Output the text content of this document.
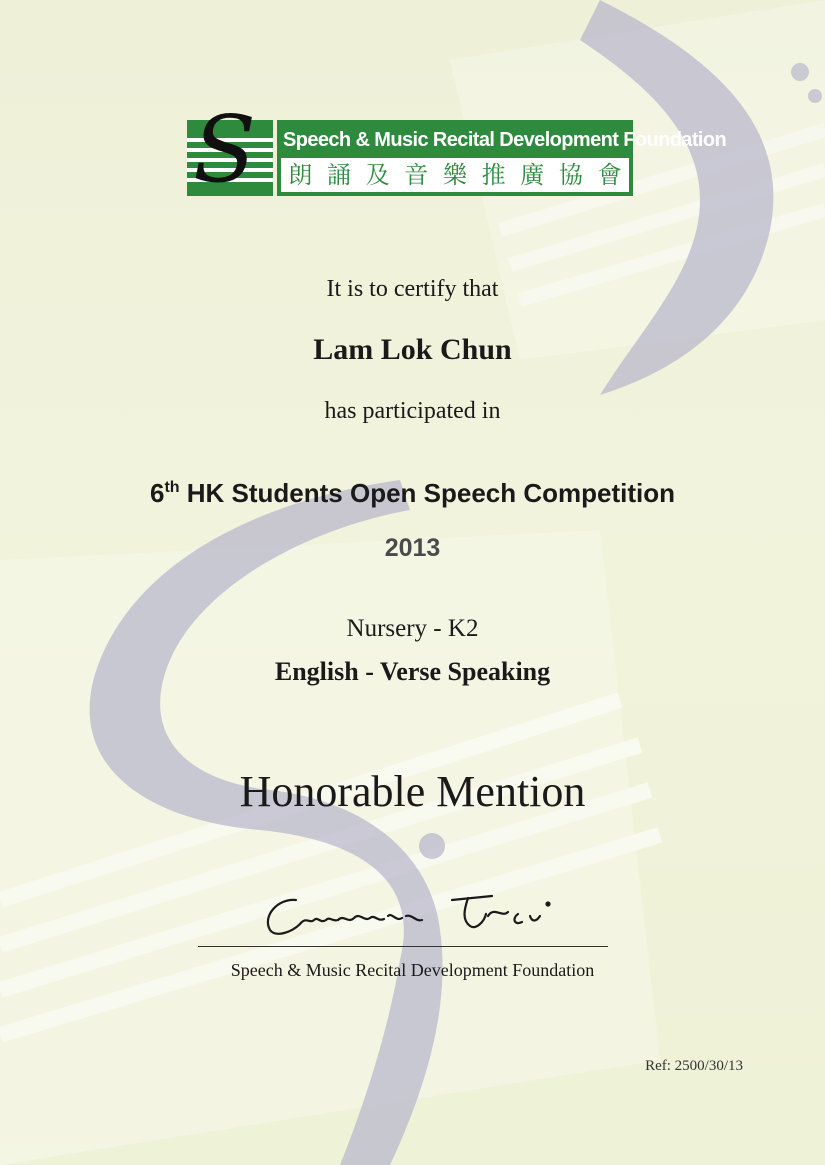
S Speech & Music Recital Development Foundation
朗 誦 及 音 樂 推 廣 協 會
It is to certify that
Lam Lok Chun
has participated in
6th HK Students Open Speech Competition
2013
Nursery - K2
English - Verse Speaking
Honorable Mention
Speech & Music Recital Development Foundation
Ref: 2500/30/13
